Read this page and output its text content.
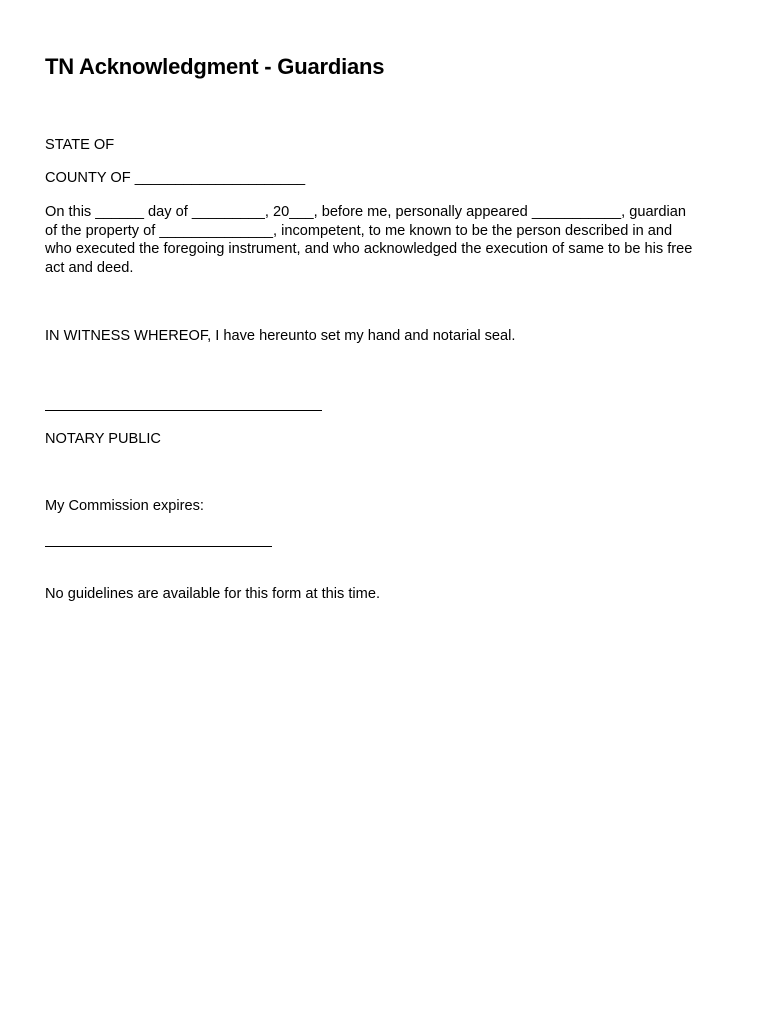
TN Acknowledgment - Guardians

STATE OF

COUNTY OF _____________________

On this ______ day of _________, 20___, before me, personally appeared ___________, guardian
of the property of ______________, incompetent, to me known to be the person described in and
who executed the foregoing instrument, and who acknowledged the execution of same to be his free
act and deed.

IN WITNESS WHEREOF, I have hereunto set my hand and notarial seal.

NOTARY PUBLIC

My Commission expires:

No guidelines are available for this form at this time.
